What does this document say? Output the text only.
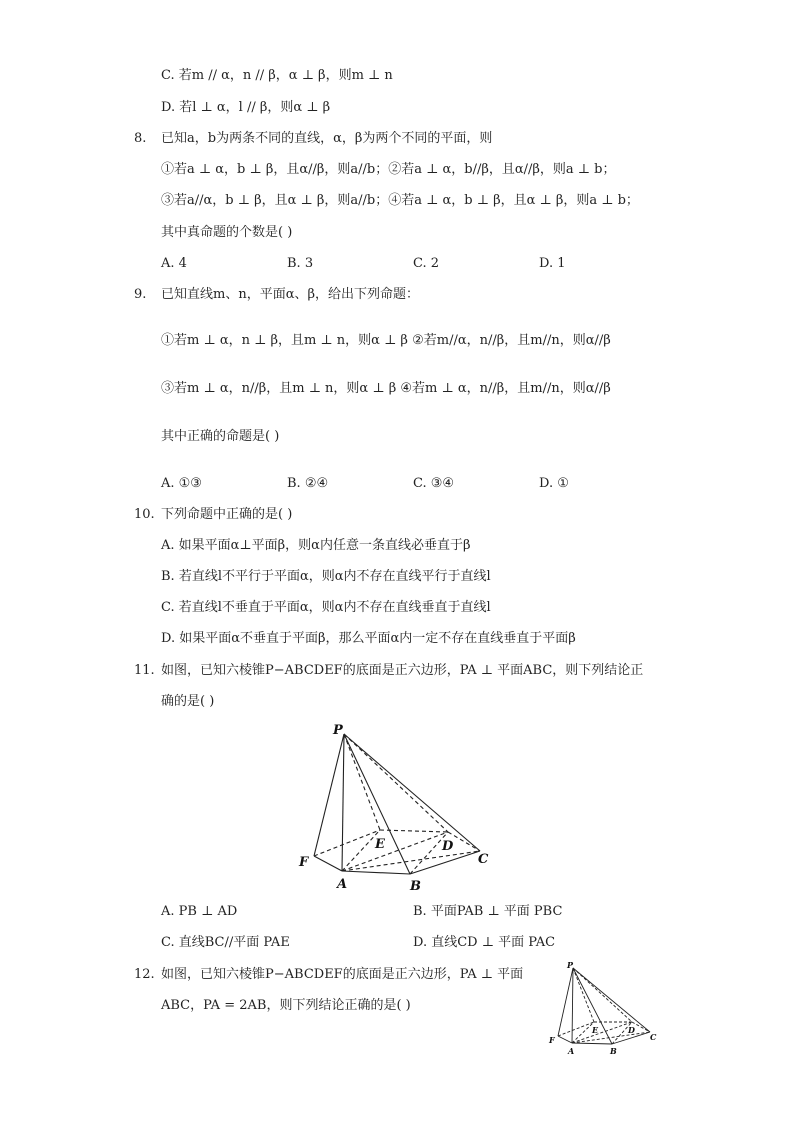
C. 若m // α，n // β，α ⊥ β，则m ⊥ n
D. 若l ⊥ α，l // β，则α ⊥ β
8. 已知a，b为两条不同的直线，α，β为两个不同的平面，则
①若a ⊥ α，b ⊥ β，且α//β，则a//b；②若a ⊥ α，b//β，且α//β，则a ⊥ b；
③若a//α，b ⊥ β，且α ⊥ β，则a//b；④若a ⊥ α，b ⊥ β，且α ⊥ β，则a ⊥ b；
其中真命题的个数是( )
A. 4	B. 3	C. 2	D. 1
9. 已知直线m、n，平面α、β，给出下列命题：
①若m ⊥ α，n ⊥ β，且m ⊥ n，则α ⊥ β ②若m//α，n//β，且m//n，则α//β
③若m ⊥ α，n//β，且m ⊥ n，则α ⊥ β ④若m ⊥ α，n//β，且m//n，则α//β
其中正确的命题是( )
A. ①③	B. ②④	C. ③④	D. ①
10. 下列命题中正确的是( )
A. 如果平面α⊥平面β，则α内任意一条直线必垂直于β
B. 若直线l不平行于平面α，则α内不存在直线平行于直线l
C. 若直线l不垂直于平面α，则α内不存在直线垂直于直线l
D. 如果平面α不垂直于平面β，那么平面α内一定不存在直线垂直于平面β
11. 如图，已知六棱锥P−ABCDEF的底面是正六边形，PA ⊥ 平面ABC，则下列结论正
确的是( )
P
E	D
C
F
A	B
A. PB ⊥ AD	B. 平面PAB ⊥ 平面 PBC
C. 直线BC//平面 PAE	D. 直线CD ⊥ 平面 PAC
12. 如图，已知六棱锥P−ABCDEF的底面是正六边形，PA ⊥ 平面
ABC，PA = 2AB，则下列结论正确的是( )
P
E	D
C
F
A	B
